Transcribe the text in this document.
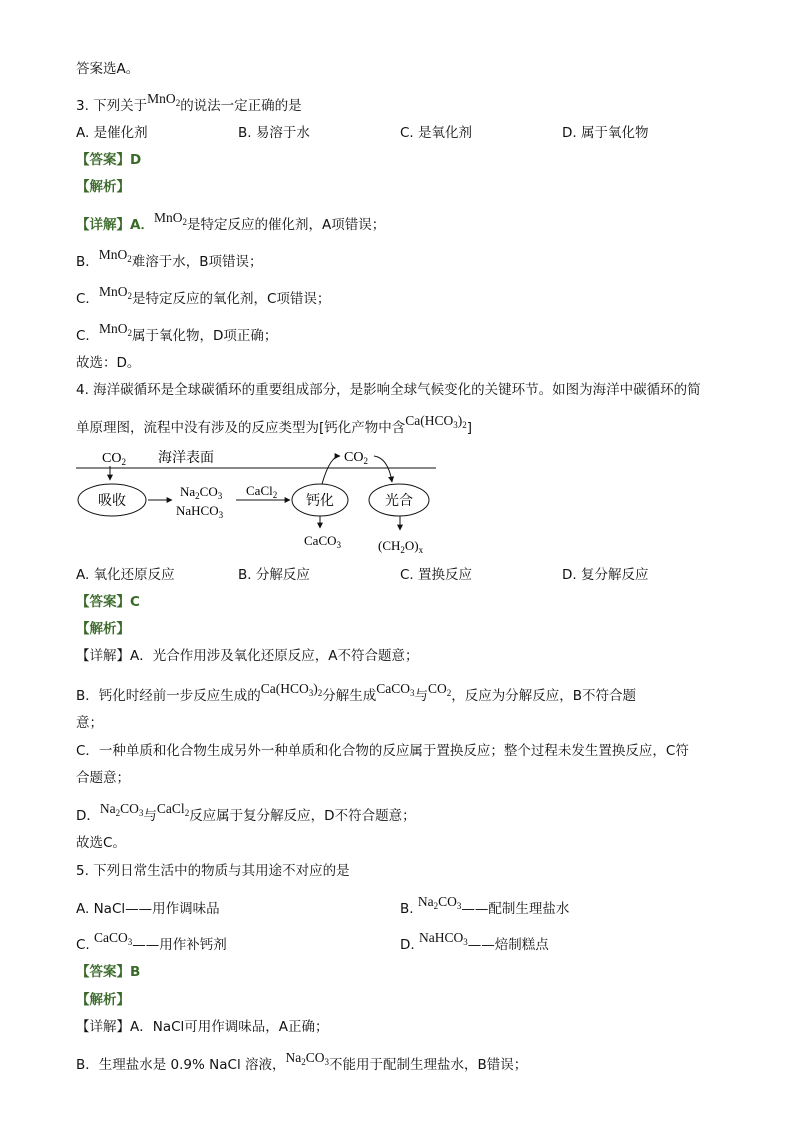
答案选A。
3. 下列关于MnO$_2$的说法一定正确的是
A. 是催化剂	B. 易溶于水	C. 是氧化剂	D. 属于氧化物
【答案】D
【解析】
【详解】A．MnO$_2$是特定反应的催化剂，A项错误；
B．MnO$_2$难溶于水，B项错误；
C．MnO$_2$是特定反应的氧化剂，C项错误；
C．MnO$_2$属于氧化物，D项正确；
故选：D。
4. 海洋碳循环是全球碳循环的重要组成部分，是影响全球气候变化的关键环节。如图为海洋中碳循环的简
单原理图，流程中没有涉及的反应类型为[钙化产物中含$Ca(HCO_3)_2$]
$CO_2$ 海洋表面
吸收
$Na_2CO_3$
NaHCO$_3$
CaCl$_2$ 钙化	光合
$CO_2$
CaCO$_3$	$(CH_2O)_x$
A. 氧化还原反应	B. 分解反应	C. 置换反应	D. 复分解反应
【答案】C
【解析】
【详解】A．光合作用涉及氧化还原反应，A不符合题意；
B．钙化时经前一步反应生成的$Ca(HCO_3)_2$分解生成CaCO$_3$与$CO_2$，反应为分解反应，B不符合题
意；
C．一种单质和化合物生成另外一种单质和化合物的反应属于置换反应；整个过程未发生置换反应，C符
合题意；
D．$Na_2CO_3$与CaCl$_2$反应属于复分解反应，D不符合题意；
故选C。
5. 下列日常生活中的物质与其用途不对应的是
A. NaCl——用作调味品	B. $Na_2CO_3——$配制生理盐水
C. CaCO$_3$——用作补钙剂	D. NaHCO$_3$——焙制糕点
【答案】B
【解析】
【详解】A．NaCl可用作调味品，A正确；
B．生理盐水是 0.9% NaCl 溶液，$Na_2CO_3$不能用于配制生理盐水，B错误；
